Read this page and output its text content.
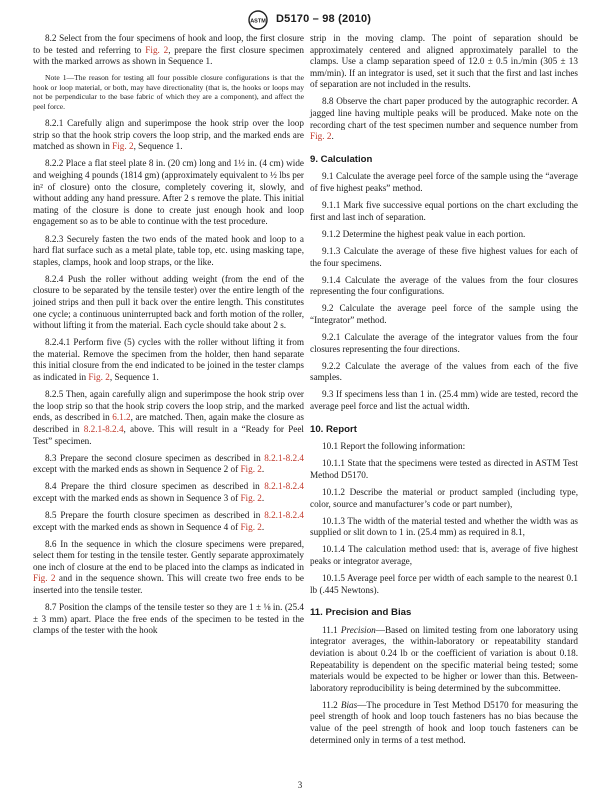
ASTM D5170 – 98 (2010)

8.2 Select from the four specimens of hook and loop, the first closure to be tested and referring to Fig. 2, prepare the first closure specimen with the marked arrows as shown in Sequence 1.

Note 1—The reason for testing all four possible closure configurations is that the hook or loop material, or both, may have directionality (that is, the hooks or loops may not be perpendicular to the base fabric of which they are a component), and affect the peel force.

8.2.1 Carefully align and superimpose the hook strip over the loop strip so that the hook strip covers the loop strip, and the marked ends are matched as shown in Fig. 2, Sequence 1.

8.2.2 Place a flat steel plate 8 in. (20 cm) long and 1½ in. (4 cm) wide and weighing 4 pounds (1814 gm) (approximately equivalent to ½ lbs per in² of closure) onto the closure, completely covering it, slowly, and without adding any hand pressure. After 2 s remove the plate. This initial mating of the closure is done to create just enough hook and loop engagement so as to be able to continue with the test procedure.

8.2.3 Securely fasten the two ends of the mated hook and loop to a hard flat surface such as a metal plate, table top, etc. using masking tape, staples, clamps, hook and loop straps, or the like.

8.2.4 Push the roller without adding weight (from the end of the closure to be separated by the tensile tester) over the entire length of the joined strips and then pull it back over the entire length. This constitutes one cycle; a continuous uninterrupted back and forth motion of the roller, without lifting it from the material. Each cycle should take about 2 s.

8.2.4.1 Perform five (5) cycles with the roller without lifting it from the material. Remove the specimen from the holder, then hand separate this initial closure from the end indicated to be joined in the tester clamps as indicated in Fig. 2, Sequence 1.

8.2.5 Then, again carefully align and superimpose the hook strip over the loop strip so that the hook strip covers the loop strip, and the marked ends, as described in 6.1.2, are matched. Then, again make the closure as described in 8.2.1-8.2.4, above. This will result in a “Ready for Peel Test” specimen.

8.3 Prepare the second closure specimen as described in 8.2.1-8.2.4 except with the marked ends as shown in Sequence 2 of Fig. 2.

8.4 Prepare the third closure specimen as described in 8.2.1-8.2.4 except with the marked ends as shown in Sequence 3 of Fig. 2.

8.5 Prepare the fourth closure specimen as described in 8.2.1-8.2.4 except with the marked ends as shown in Sequence 4 of Fig. 2.

8.6 In the sequence in which the closure specimens were prepared, select them for testing in the tensile tester. Gently separate approximately one inch of closure at the end to be placed into the clamps as indicated in Fig. 2 and in the sequence shown. This will create two free ends to be inserted into the tensile tester.

8.7 Position the clamps of the tensile tester so they are 1 ± ⅛ in. (25.4 ± 3 mm) apart. Place the free ends of the specimen to be tested in the clamps of the tester with the hook

strip in the moving clamp. The point of separation should be approximately centered and aligned approximately parallel to the clamps. Use a clamp separation speed of 12.0 ± 0.5 in./min (305 ± 13 mm/min). If an integrator is used, set it such that the first and last inches of separation are not included in the results.

8.8 Observe the chart paper produced by the autographic recorder. A jagged line having multiple peaks will be produced. Make note on the recording chart of the test specimen number and sequence number from Fig. 2.

9. Calculation

9.1 Calculate the average peel force of the sample using the “average of five highest peaks” method.

9.1.1 Mark five successive equal portions on the chart excluding the first and last inch of separation.

9.1.2 Determine the highest peak value in each portion.

9.1.3 Calculate the average of these five highest values for each of the four specimens.

9.1.4 Calculate the average of the values from the four closures representing the four configurations.

9.2 Calculate the average peel force of the sample using the “Integrator” method.

9.2.1 Calculate the average of the integrator values from the four closures representing the four directions.

9.2.2 Calculate the average of the values from each of the five samples.

9.3 If specimens less than 1 in. (25.4 mm) wide are tested, record the average peel force and list the actual width.

10. Report

10.1 Report the following information:

10.1.1 State that the specimens were tested as directed in ASTM Test Method D5170.

10.1.2 Describe the material or product sampled (including type, color, source and manufacturer’s code or part number),

10.1.3 The width of the material tested and whether the width was as supplied or slit down to 1 in. (25.4 mm) as required in 8.1,

10.1.4 The calculation method used: that is, average of five highest peaks or integrator average,

10.1.5 Average peel force per width of each sample to the nearest 0.1 lb (.445 Newtons).

11. Precision and Bias

11.1 Precision—Based on limited testing from one laboratory using integrator averages, the within-laboratory or repeatability standard deviation is about 0.24 lb or the coefficient of variation is about 0.18. Repeatability is dependent on the specific material being tested; some materials would be expected to be higher or lower than this. Between-laboratory reproducibility is being determined by the subcommittee.

11.2 Bias—The procedure in Test Method D5170 for measuring the peel strength of hook and loop touch fasteners has no bias because the value of the peel strength of hook and loop touch fasteners can be determined only in terms of a test method.

3
